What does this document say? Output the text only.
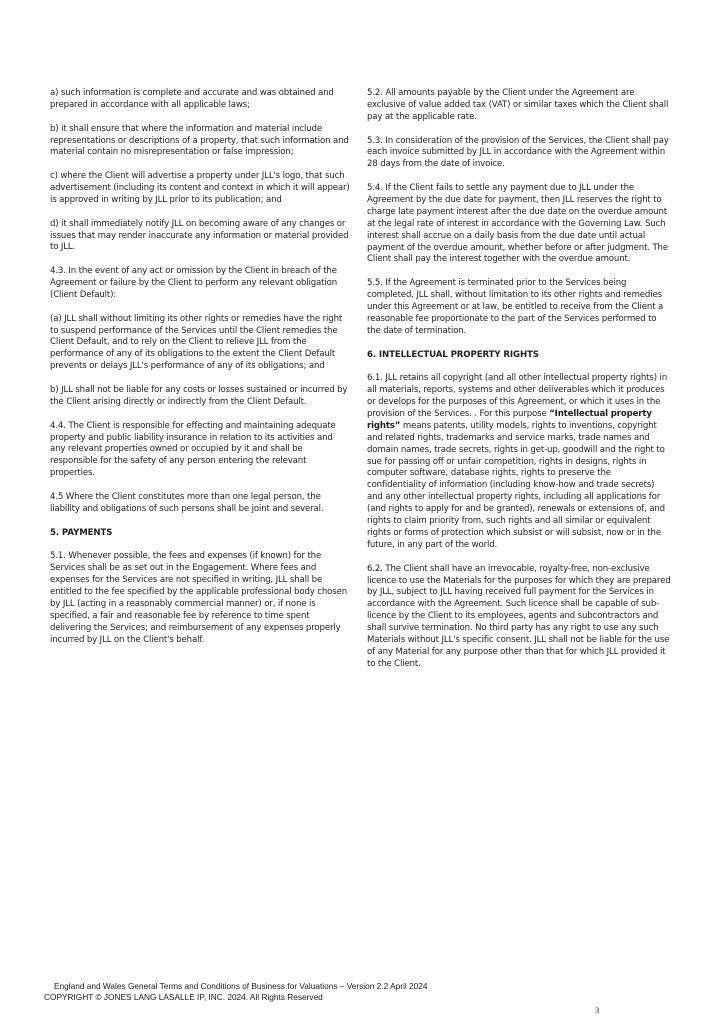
a) such information is complete and accurate and was obtained and prepared in accordance with all applicable laws;

b) it shall ensure that where the information and material include representations or descriptions of a property, that such information and material contain no misrepresentation or false impression;

c) where the Client will advertise a property under JLL's logo, that such advertisement (including its content and context in which it will appear) is approved in writing by JLL prior to its publication; and

d) it shall immediately notify JLL on becoming aware of any changes or issues that may render inaccurate any information or material provided to JLL.

4.3. In the event of any act or omission by the Client in breach of the Agreement or failure by the Client to perform any relevant obligation (Client Default):

(a) JLL shall without limiting its other rights or remedies have the right to suspend performance of the Services until the Client remedies the Client Default, and to rely on the Client to relieve JLL from the performance of any of its obligations to the extent the Client Default prevents or delays JLL's performance of any of its obligations; and

b) JLL shall not be liable for any costs or losses sustained or incurred by the Client arising directly or indirectly from the Client Default.

4.4. The Client is responsible for effecting and maintaining adequate property and public liability insurance in relation to its activities and any relevant properties owned or occupied by it and shall be responsible for the safety of any person entering the relevant properties.

4.5 Where the Client constitutes more than one legal person, the liability and obligations of such persons shall be joint and several.

5. PAYMENTS

5.1. Whenever possible, the fees and expenses (if known) for the Services shall be as set out in the Engagement. Where fees and expenses for the Services are not specified in writing, JLL shall be entitled to the fee specified by the applicable professional body chosen by JLL (acting in a reasonably commercial manner) or, if none is specified, a fair and reasonable fee by reference to time spent delivering the Services; and reimbursement of any expenses properly incurred by JLL on the Client's behalf.

5.2. All amounts payable by the Client under the Agreement are exclusive of value added tax (VAT) or similar taxes which the Client shall pay at the applicable rate.

5.3. In consideration of the provision of the Services, the Client shall pay each invoice submitted by JLL in accordance with the Agreement within 28 days from the date of invoice.

5.4. If the Client fails to settle any payment due to JLL under the Agreement by the due date for payment, then JLL reserves the right to charge late payment interest after the due date on the overdue amount at the legal rate of interest in accordance with the Governing Law. Such interest shall accrue on a daily basis from the due date until actual payment of the overdue amount, whether before or after judgment. The Client shall pay the interest together with the overdue amount.

5.5. If the Agreement is terminated prior to the Services being completed, JLL shall, without limitation to its other rights and remedies under this Agreement or at law, be entitled to receive from the Client a reasonable fee proportionate to the part of the Services performed to the date of termination.

6. INTELLECTUAL PROPERTY RIGHTS

6.1. JLL retains all copyright (and all other intellectual property rights) in all materials, reports, systems and other deliverables which it produces or develops for the purposes of this Agreement, or which it uses in the provision of the Services. . For this purpose “Intellectual property rights” means patents, utility models, rights to inventions, copyright and related rights, trademarks and service marks, trade names and domain names, trade secrets, rights in get-up, goodwill and the right to sue for passing off or unfair competition, rights in designs, rights in computer software, database rights, rights to preserve the confidentiality of information (including know-how and trade secrets) and any other intellectual property rights, including all applications for (and rights to apply for and be granted), renewals or extensions of, and rights to claim priority from, such rights and all similar or equivalent rights or forms of protection which subsist or will subsist, now or in the future, in any part of the world.

6.2. The Client shall have an irrevocable, royalty-free, non-exclusive licence to use the Materials for the purposes for which they are prepared by JLL, subject to JLL having received full payment for the Services in accordance with the Agreement. Such licence shall be capable of sub-licence by the Client to its employees, agents and subcontractors and shall survive termination. No third party has any right to use any such Materials without JLL's specific consent. JLL shall not be liable for the use of any Material for any purpose other than that for which JLL provided it to the Client.

England and Wales General Terms and Conditions of Business for Valuations – Version 2.2 April 2024
COPYRIGHT © JONES LANG LASALLE IP, INC. 2024. All Rights Reserved
3
